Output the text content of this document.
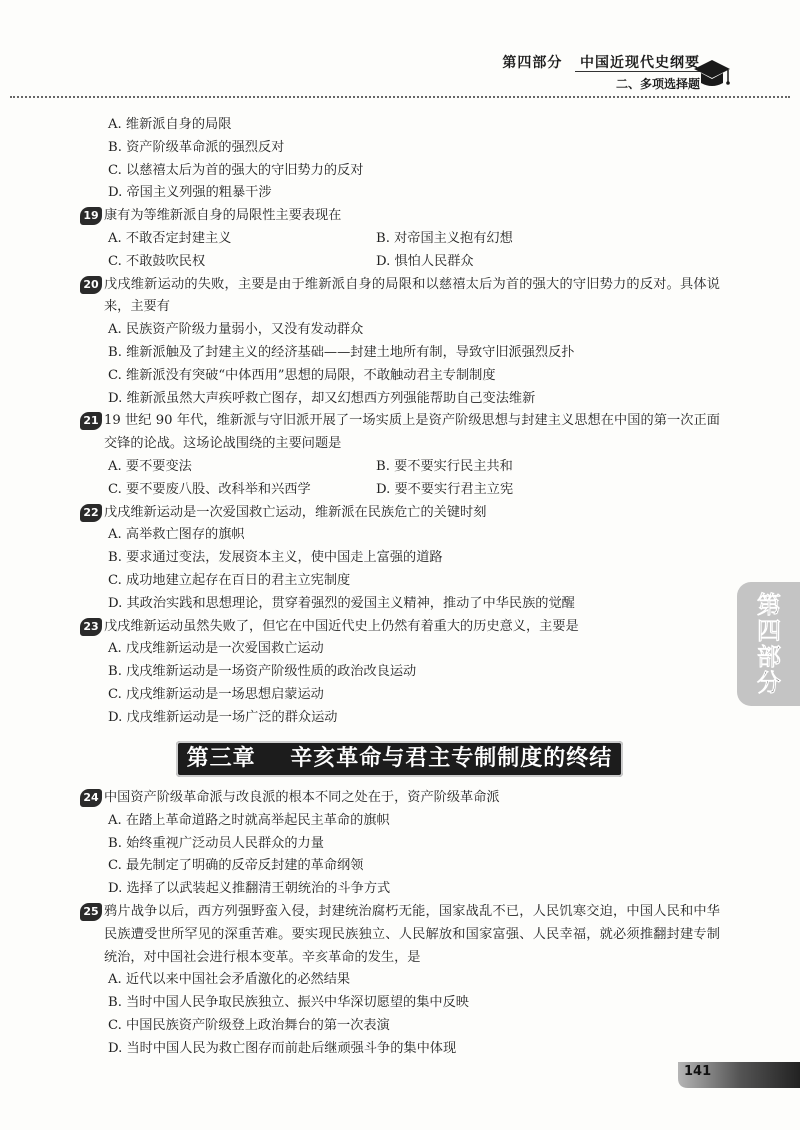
第四部分 中国近现代史纲要
二、多项选择题
A. 维新派自身的局限
B. 资产阶级革命派的强烈反对
C. 以慈禧太后为首的强大的守旧势力的反对
D. 帝国主义列强的粗暴干涉
19 康有为等维新派自身的局限性主要表现在
A. 不敢否定封建主义	B. 对帝国主义抱有幻想
C. 不敢鼓吹民权	D. 惧怕人民群众
20 戊戌维新运动的失败，主要是由于维新派自身的局限和以慈禧太后为首的强大的守旧势力的反对。具体说来，主要有
A. 民族资产阶级力量弱小，又没有发动群众
B. 维新派触及了封建主义的经济基础——封建土地所有制，导致守旧派强烈反扑
C. 维新派没有突破“中体西用”思想的局限，不敢触动君主专制制度
D. 维新派虽然大声疾呼救亡图存，却又幻想西方列强能帮助自己变法维新
21 19 世纪 90 年代，维新派与守旧派开展了一场实质上是资产阶级思想与封建主义思想在中国的第一次正面交锋的论战。这场论战围绕的主要问题是
A. 要不要变法	B. 要不要实行民主共和
C. 要不要废八股、改科举和兴西学	D. 要不要实行君主立宪
22 戊戌维新运动是一次爱国救亡运动，维新派在民族危亡的关键时刻
A. 高举救亡图存的旗帜
B. 要求通过变法，发展资本主义，使中国走上富强的道路
C. 成功地建立起存在百日的君主立宪制度
D. 其政治实践和思想理论，贯穿着强烈的爱国主义精神，推动了中华民族的觉醒
23 戊戌维新运动虽然失败了，但它在中国近代史上仍然有着重大的历史意义，主要是
A. 戊戌维新运动是一次爱国救亡运动
B. 戊戌维新运动是一场资产阶级性质的政治改良运动
C. 戊戌维新运动是一场思想启蒙运动
D. 戊戌维新运动是一场广泛的群众运动
第三章    辛亥革命与君主专制制度的终结
24 中国资产阶级革命派与改良派的根本不同之处在于，资产阶级革命派
A. 在踏上革命道路之时就高举起民主革命的旗帜
B. 始终重视广泛动员人民群众的力量
C. 最先制定了明确的反帝反封建的革命纲领
D. 选择了以武装起义推翻清王朝统治的斗争方式
25 鸦片战争以后，西方列强野蛮入侵，封建统治腐朽无能，国家战乱不已，人民饥寒交迫，中国人民和中华民族遭受世所罕见的深重苦难。要实现民族独立、人民解放和国家富强、人民幸福，就必须推翻封建专制统治，对中国社会进行根本变革。辛亥革命的发生，是
A. 近代以来中国社会矛盾激化的必然结果
B. 当时中国人民争取民族独立、振兴中华深切愿望的集中反映
C. 中国民族资产阶级登上政治舞台的第一次表演
D. 当时中国人民为救亡图存而前赴后继顽强斗争的集中体现
第四部分
141
